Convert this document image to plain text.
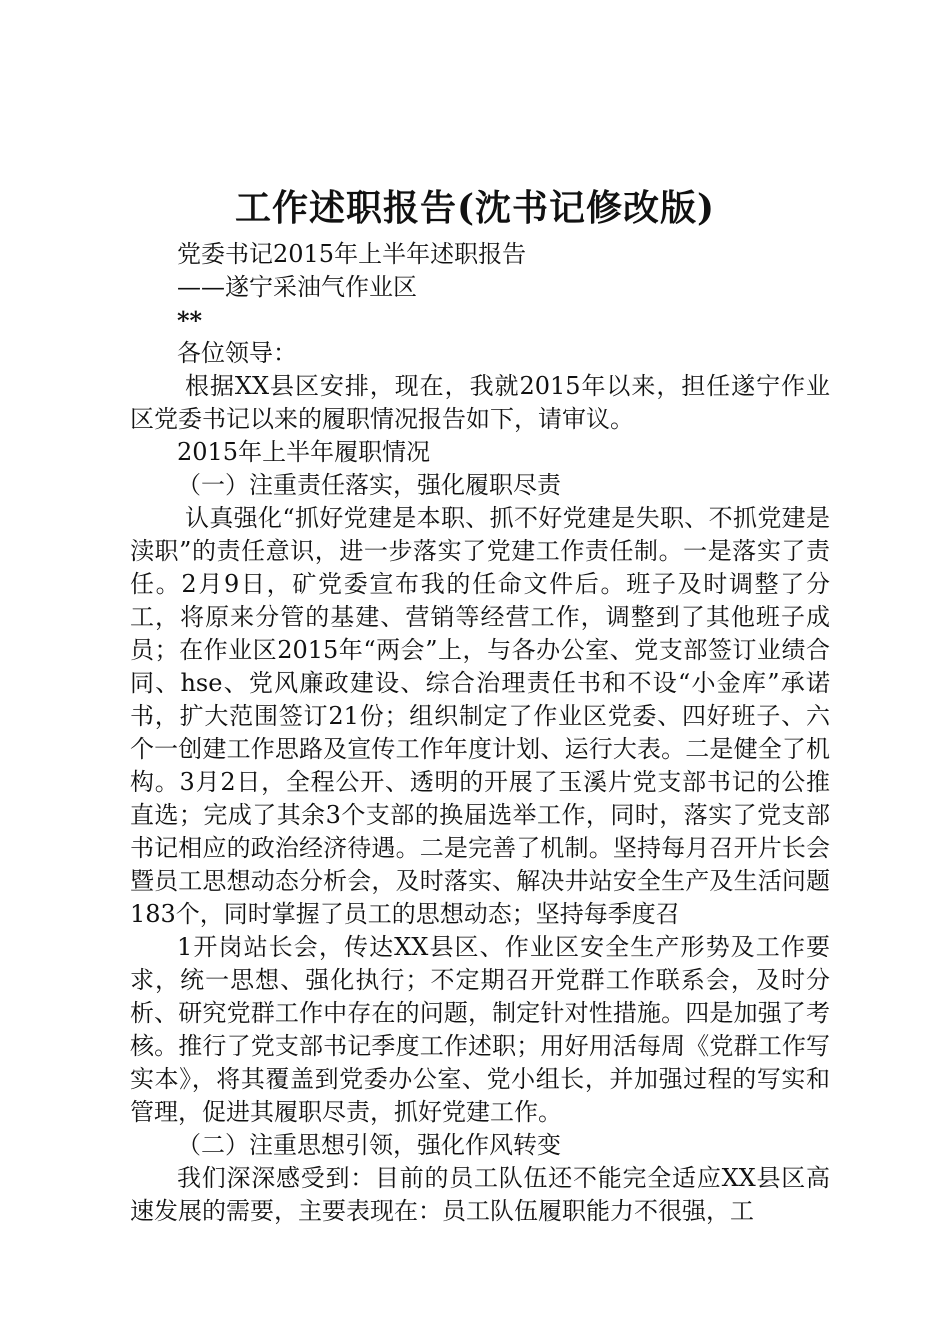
工作述职报告(沈书记修改版)

党委书记2015年上半年述职报告

——遂宁采油气作业区

**

各位领导：

根据XX县区安排，现在，我就2015年以来，担任遂宁作业区党委书记以来的履职情况报告如下，请审议。

2015年上半年履职情况

（一）注重责任落实，强化履职尽责

认真强化“抓好党建是本职、抓不好党建是失职、不抓党建是渎职”的责任意识，进一步落实了党建工作责任制。一是落实了责任。2月9日，矿党委宣布我的任命文件后。班子及时调整了分工，将原来分管的基建、营销等经营工作，调整到了其他班子成员；在作业区2015年“两会”上，与各办公室、党支部签订业绩合同、hse、党风廉政建设、综合治理责任书和不设“小金库”承诺书，扩大范围签订21份；组织制定了作业区党委、四好班子、六个一创建工作思路及宣传工作年度计划、运行大表。二是健全了机构。3月2日，全程公开、透明的开展了玉溪片党支部书记的公推直选；完成了其余3个支部的换届选举工作，同时，落实了党支部书记相应的政治经济待遇。二是完善了机制。坚持每月召开片长会暨员工思想动态分析会，及时落实、解决井站安全生产及生活问题183个，同时掌握了员工的思想动态；坚持每季度召

1开岗站长会，传达XX县区、作业区安全生产形势及工作要求，统一思想、强化执行；不定期召开党群工作联系会，及时分析、研究党群工作中存在的问题，制定针对性措施。四是加强了考核。推行了党支部书记季度工作述职；用好用活每周《党群工作写实本》，将其覆盖到党委办公室、党小组长，并加强过程的写实和管理，促进其履职尽责，抓好党建工作。

（二）注重思想引领，强化作风转变

我们深深感受到：目前的员工队伍还不能完全适应XX县区高速发展的需要，主要表现在：员工队伍履职能力不很强，工
